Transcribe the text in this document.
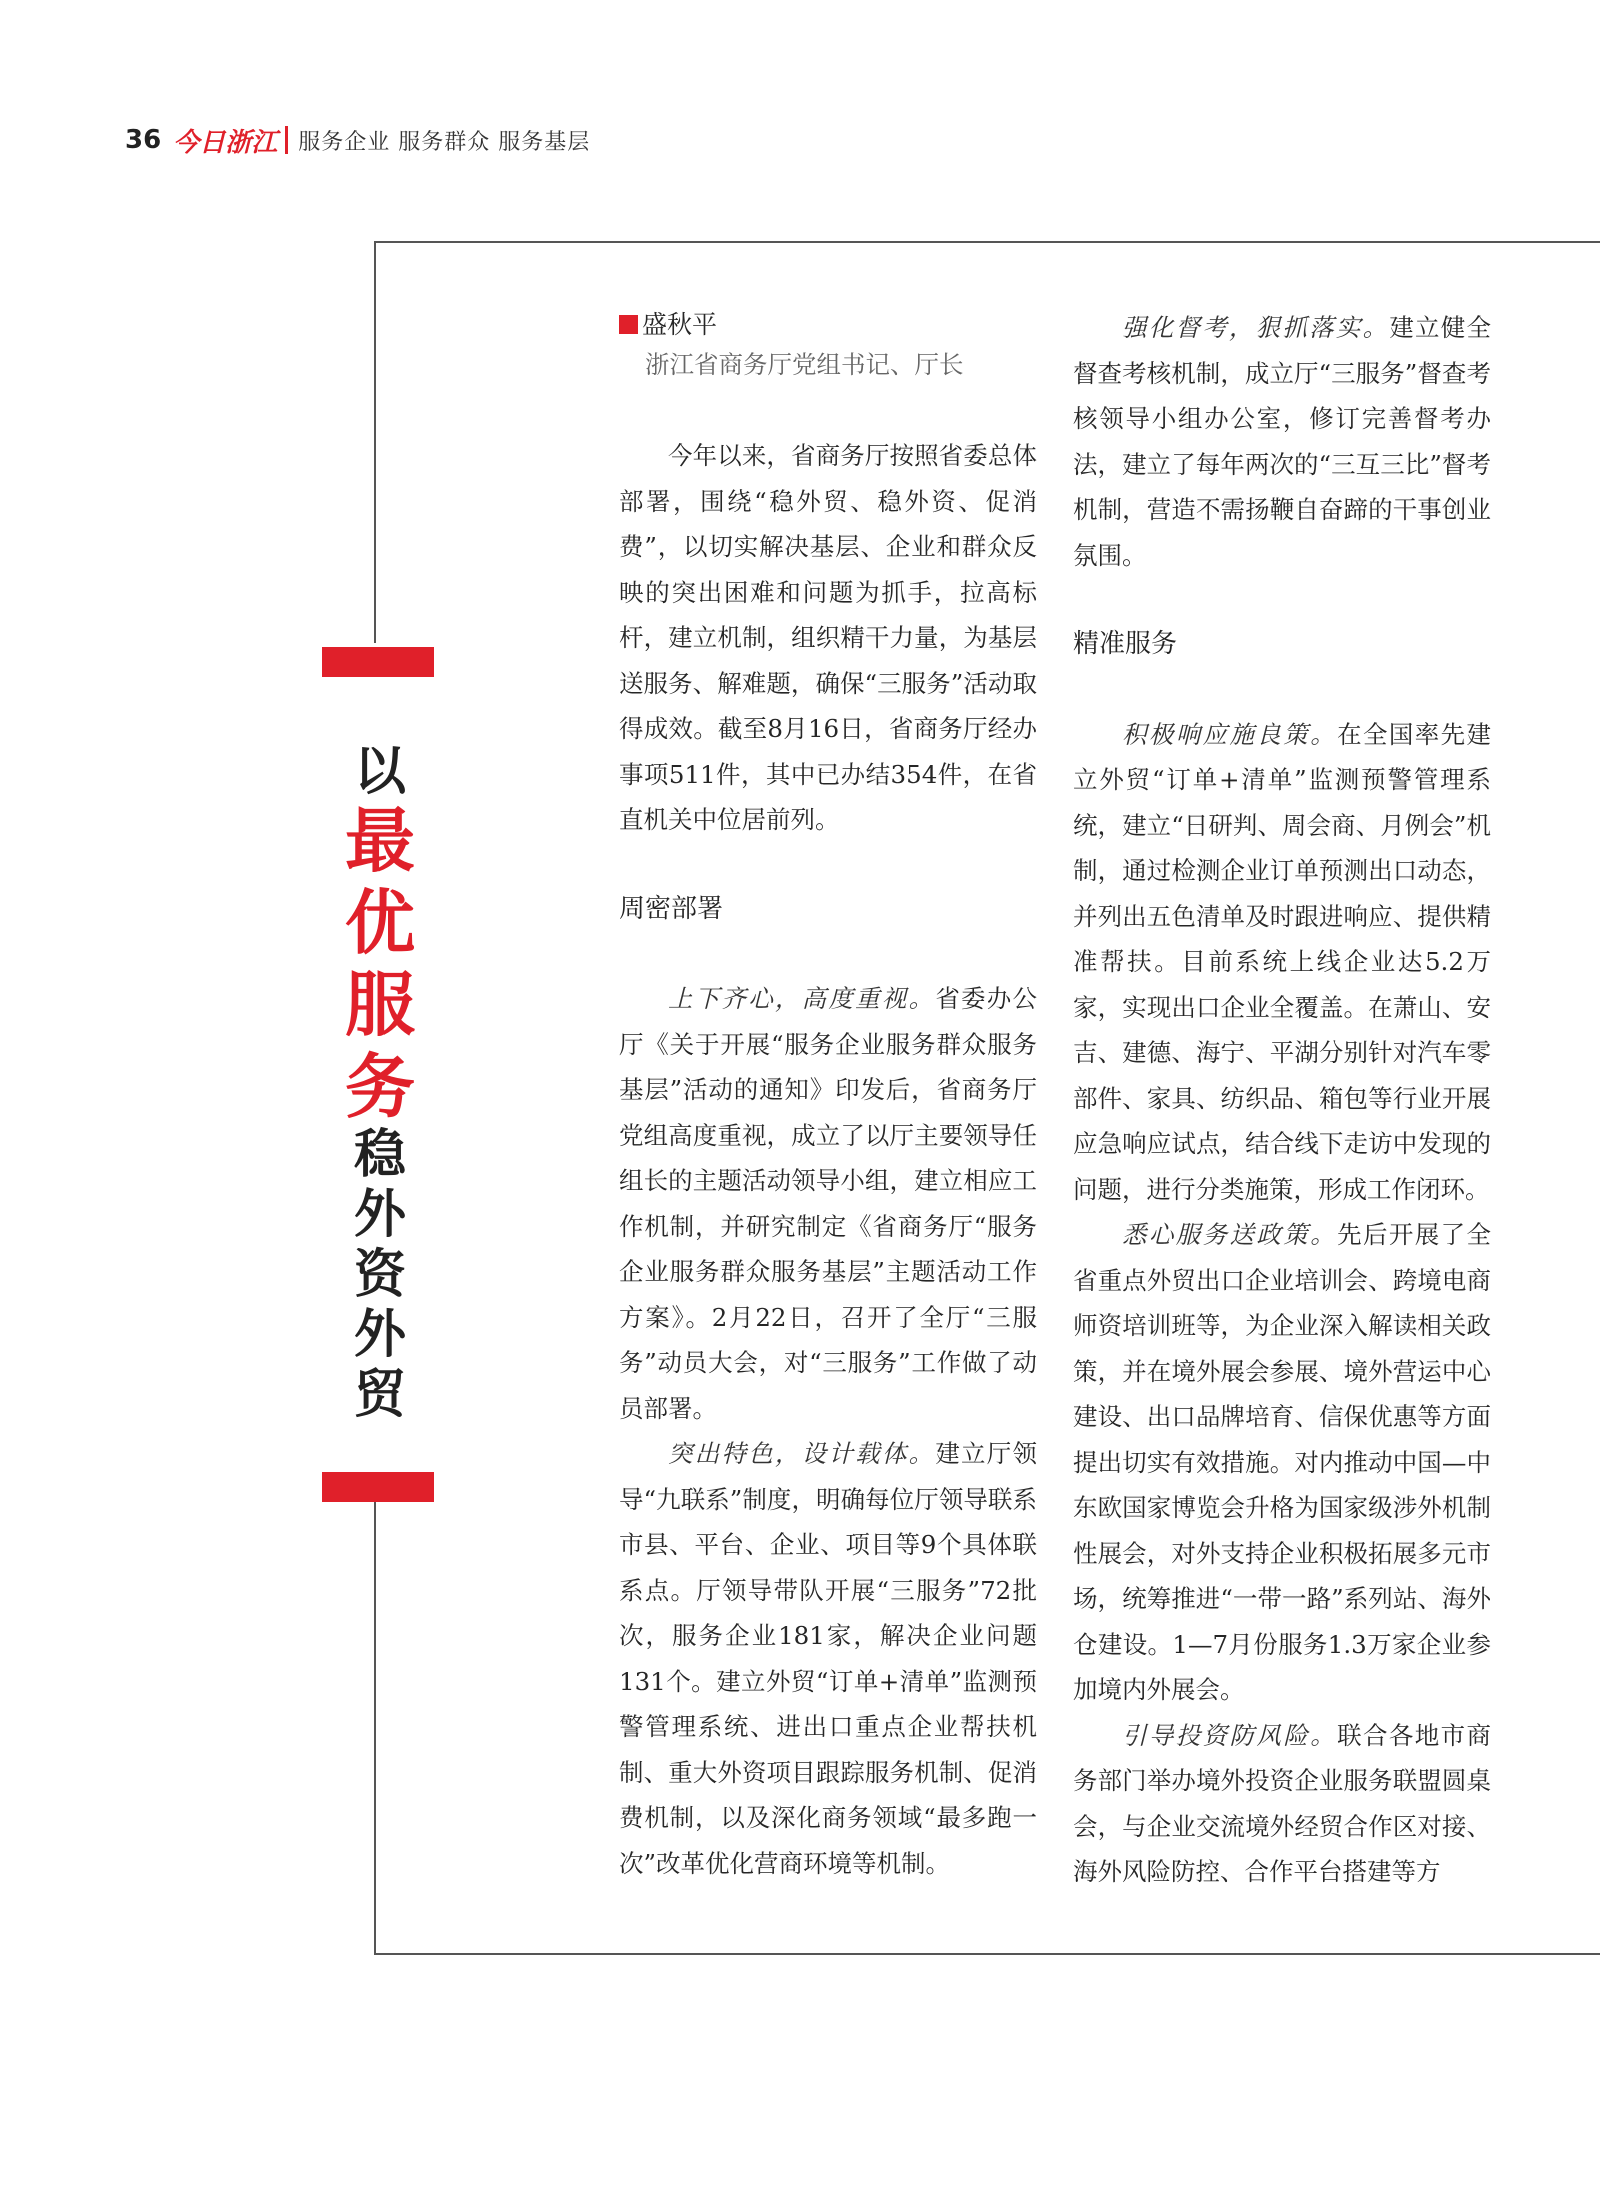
36 今日浙江 服务企业 服务群众 服务基层
以
最
优
服
务
稳
外
资
外
贸
盛秋平
浙江省商务厅党组书记、厅长

今年以来，省商务厅按照省委总体部署，围绕“稳外贸、稳外资、促消费”，以切实解决基层、企业和群众反映的突出困难和问题为抓手，拉高标杆，建立机制，组织精干力量，为基层送服务、解难题，确保“三服务”活动取得成效。截至8月16日，省商务厅经办事项511件，其中已办结354件，在省直机关中位居前列。

周密部署

上下齐心，高度重视。省委办公厅《关于开展“服务企业服务群众服务基层”活动的通知》印发后，省商务厅党组高度重视，成立了以厅主要领导任组长的主题活动领导小组，建立相应工作机制，并研究制定《省商务厅“服务企业服务群众服务基层”主题活动工作方案》。2月22日，召开了全厅“三服务”动员大会，对“三服务”工作做了动员部署。

突出特色，设计载体。建立厅领导“九联系”制度，明确每位厅领导联系市县、平台、企业、项目等9个具体联系点。厅领导带队开展“三服务”72批次，服务企业181家，解决企业问题131个。建立外贸“订单+清单”监测预警管理系统、进出口重点企业帮扶机制、重大外资项目跟踪服务机制、促消费机制，以及深化商务领域“最多跑一次”改革优化营商环境等机制。

强化督考，狠抓落实。建立健全督查考核机制，成立厅“三服务”督查考核领导小组办公室，修订完善督考办法，建立了每年两次的“三互三比”督考机制，营造不需扬鞭自奋蹄的干事创业氛围。

精准服务

积极响应施良策。在全国率先建立外贸“订单+清单”监测预警管理系统，建立“日研判、周会商、月例会”机制，通过检测企业订单预测出口动态，并列出五色清单及时跟进响应、提供精准帮扶。目前系统上线企业达5.2万家，实现出口企业全覆盖。在萧山、安吉、建德、海宁、平湖分别针对汽车零部件、家具、纺织品、箱包等行业开展应急响应试点，结合线下走访中发现的问题，进行分类施策，形成工作闭环。

悉心服务送政策。先后开展了全省重点外贸出口企业培训会、跨境电商师资培训班等，为企业深入解读相关政策，并在境外展会参展、境外营运中心建设、出口品牌培育、信保优惠等方面提出切实有效措施。对内推动中国—中东欧国家博览会升格为国家级涉外机制性展会，对外支持企业积极拓展多元市场，统筹推进“一带一路”系列站、海外仓建设。1—7月份服务1.3万家企业参加境内外展会。

引导投资防风险。联合各地市商务部门举办境外投资企业服务联盟圆桌会，与企业交流境外经贸合作区对接、海外风险防控、合作平台搭建等方
